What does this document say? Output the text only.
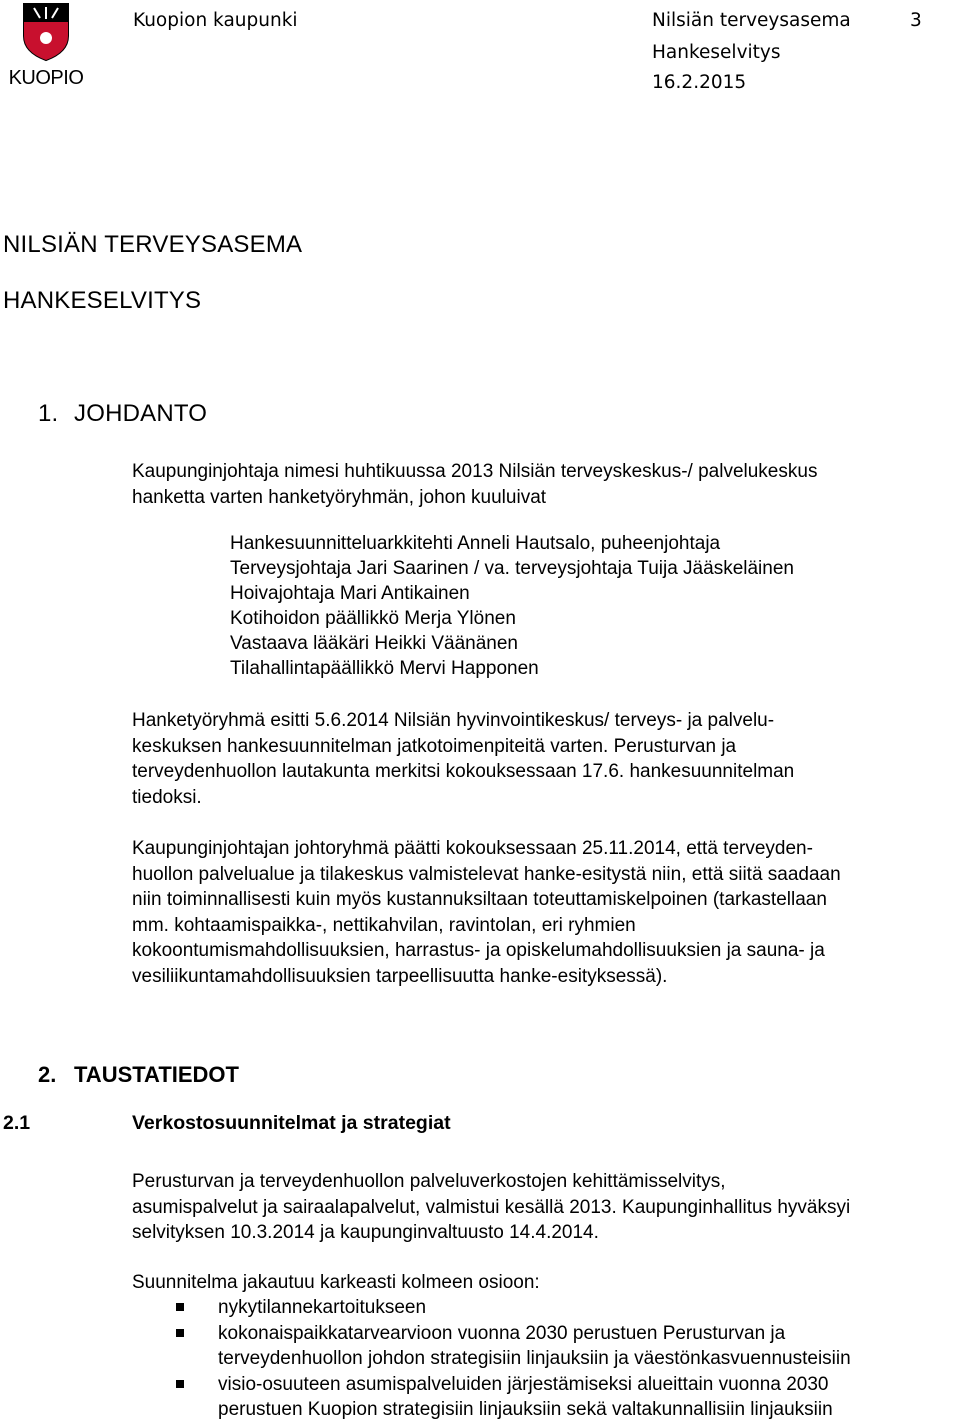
KUOPIO
Kuopion kaupunki	Nilsiän terveysasema	3
Hankeselvitys
16.2.2015
NILSIÄN TERVEYSASEMA
HANKESELVITYS
1. JOHDANTO
Kaupunginjohtaja nimesi huhtikuussa 2013 Nilsiän terveyskeskus-/ palvelukeskus
hanketta varten hanketyöryhmän, johon kuuluivat
Hankesuunnitteluarkkitehti Anneli Hautsalo, puheenjohtaja
Terveysjohtaja Jari Saarinen / va. terveysjohtaja Tuija Jääskeläinen
Hoivajohtaja Mari Antikainen
Kotihoidon päällikkö Merja Ylönen
Vastaava lääkäri Heikki Väänänen
Tilahallintapäällikkö Mervi Happonen
Hanketyöryhmä esitti 5.6.2014 Nilsiän hyvinvointikeskus/ terveys- ja palvelu-
keskuksen hankesuunnitelman jatkotoimenpiteitä varten. Perusturvan ja
terveydenhuollon lautakunta merkitsi kokouksessaan 17.6. hankesuunnitelman
tiedoksi.
Kaupunginjohtajan johtoryhmä päätti kokouksessaan 25.11.2014, että terveyden-
huollon palvelualue ja tilakeskus valmistelevat hanke-esitystä niin, että siitä saadaan
niin toiminnallisesti kuin myös kustannuksiltaan toteuttamiskelpoinen (tarkastellaan
mm. kohtaamispaikka-, nettikahvilan, ravintolan, eri ryhmien
kokoontumismahdollisuuksien, harrastus- ja opiskelumahdollisuuksien ja sauna- ja
vesiliikuntamahdollisuuksien tarpeellisuutta hanke-esityksessä).
2. TAUSTATIEDOT
2.1	Verkostosuunnitelmat ja strategiat
Perusturvan ja terveydenhuollon palveluverkostojen kehittämisselvitys,
asumispalvelut ja sairaalapalvelut, valmistui kesällä 2013. Kaupunginhallitus hyväksyi
selvityksen 10.3.2014 ja kaupunginvaltuusto 14.4.2014.
Suunnitelma jakautuu karkeasti kolmeen osioon:
nykytilannekartoitukseen
kokonaispaikkatarvearvioon vuonna 2030 perustuen Perusturvan ja
terveydenhuollon johdon strategisiin linjauksiin ja väestönkasvuennusteisiin
visio-osuuteen asumispalveluiden järjestämiseksi alueittain vuonna 2030
perustuen Kuopion strategisiin linjauksiin sekä valtakunnallisiin linjauksiin
